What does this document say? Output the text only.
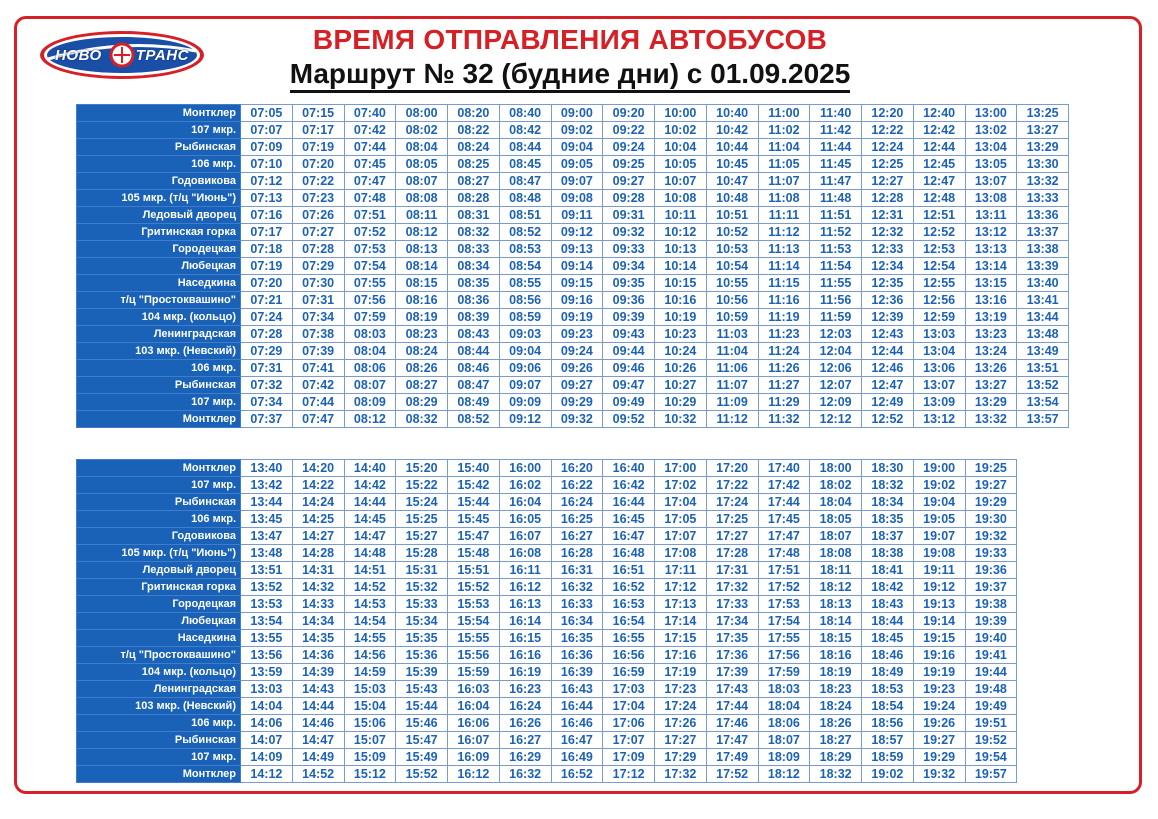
НОВО ТРАНС	ВРЕМЯ ОТПРАВЛЕНИЯ АВТОБУСОВ
Маршрут № 32 (будние дни) с 01.09.2025
Монтклер	07:05	07:15	07:40	08:00	08:20	08:40	09:00	09:20	10:00	10:40	11:00	11:40	12:20	12:40	13:00	13:25
107 мкр.	07:07	07:17	07:42	08:02	08:22	08:42	09:02	09:22	10:02	10:42	11:02	11:42	12:22	12:42	13:02	13:27
Рыбинская	07:09	07:19	07:44	08:04	08:24	08:44	09:04	09:24	10:04	10:44	11:04	11:44	12:24	12:44	13:04	13:29
106 мкр.	07:10	07:20	07:45	08:05	08:25	08:45	09:05	09:25	10:05	10:45	11:05	11:45	12:25	12:45	13:05	13:30
Годовикова	07:12	07:22	07:47	08:07	08:27	08:47	09:07	09:27	10:07	10:47	11:07	11:47	12:27	12:47	13:07	13:32
105 мкр. (т/ц "Июнь")	07:13	07:23	07:48	08:08	08:28	08:48	09:08	09:28	10:08	10:48	11:08	11:48	12:28	12:48	13:08	13:33
Ледовый дворец	07:16	07:26	07:51	08:11	08:31	08:51	09:11	09:31	10:11	10:51	11:11	11:51	12:31	12:51	13:11	13:36
Гритинская горка	07:17	07:27	07:52	08:12	08:32	08:52	09:12	09:32	10:12	10:52	11:12	11:52	12:32	12:52	13:12	13:37
Городецкая	07:18	07:28	07:53	08:13	08:33	08:53	09:13	09:33	10:13	10:53	11:13	11:53	12:33	12:53	13:13	13:38
Любецкая	07:19	07:29	07:54	08:14	08:34	08:54	09:14	09:34	10:14	10:54	11:14	11:54	12:34	12:54	13:14	13:39
Наседкина	07:20	07:30	07:55	08:15	08:35	08:55	09:15	09:35	10:15	10:55	11:15	11:55	12:35	12:55	13:15	13:40
т/ц "Простоквашино"	07:21	07:31	07:56	08:16	08:36	08:56	09:16	09:36	10:16	10:56	11:16	11:56	12:36	12:56	13:16	13:41
104 мкр. (кольцо)	07:24	07:34	07:59	08:19	08:39	08:59	09:19	09:39	10:19	10:59	11:19	11:59	12:39	12:59	13:19	13:44
Ленинградская	07:28	07:38	08:03	08:23	08:43	09:03	09:23	09:43	10:23	11:03	11:23	12:03	12:43	13:03	13:23	13:48
103 мкр. (Невский)	07:29	07:39	08:04	08:24	08:44	09:04	09:24	09:44	10:24	11:04	11:24	12:04	12:44	13:04	13:24	13:49
106 мкр.	07:31	07:41	08:06	08:26	08:46	09:06	09:26	09:46	10:26	11:06	11:26	12:06	12:46	13:06	13:26	13:51
Рыбинская	07:32	07:42	08:07	08:27	08:47	09:07	09:27	09:47	10:27	11:07	11:27	12:07	12:47	13:07	13:27	13:52
107 мкр.	07:34	07:44	08:09	08:29	08:49	09:09	09:29	09:49	10:29	11:09	11:29	12:09	12:49	13:09	13:29	13:54
Монтклер	07:37	07:47	08:12	08:32	08:52	09:12	09:32	09:52	10:32	11:12	11:32	12:12	12:52	13:12	13:32	13:57
Монтклер	13:40	14:20	14:40	15:20	15:40	16:00	16:20	16:40	17:00	17:20	17:40	18:00	18:30	19:00	19:25
107 мкр.	13:42	14:22	14:42	15:22	15:42	16:02	16:22	16:42	17:02	17:22	17:42	18:02	18:32	19:02	19:27
Рыбинская	13:44	14:24	14:44	15:24	15:44	16:04	16:24	16:44	17:04	17:24	17:44	18:04	18:34	19:04	19:29
106 мкр.	13:45	14:25	14:45	15:25	15:45	16:05	16:25	16:45	17:05	17:25	17:45	18:05	18:35	19:05	19:30
Годовикова	13:47	14:27	14:47	15:27	15:47	16:07	16:27	16:47	17:07	17:27	17:47	18:07	18:37	19:07	19:32
105 мкр. (т/ц "Июнь")	13:48	14:28	14:48	15:28	15:48	16:08	16:28	16:48	17:08	17:28	17:48	18:08	18:38	19:08	19:33
Ледовый дворец	13:51	14:31	14:51	15:31	15:51	16:11	16:31	16:51	17:11	17:31	17:51	18:11	18:41	19:11	19:36
Гритинская горка	13:52	14:32	14:52	15:32	15:52	16:12	16:32	16:52	17:12	17:32	17:52	18:12	18:42	19:12	19:37
Городецкая	13:53	14:33	14:53	15:33	15:53	16:13	16:33	16:53	17:13	17:33	17:53	18:13	18:43	19:13	19:38
Любецкая	13:54	14:34	14:54	15:34	15:54	16:14	16:34	16:54	17:14	17:34	17:54	18:14	18:44	19:14	19:39
Наседкина	13:55	14:35	14:55	15:35	15:55	16:15	16:35	16:55	17:15	17:35	17:55	18:15	18:45	19:15	19:40
т/ц "Простоквашино"	13:56	14:36	14:56	15:36	15:56	16:16	16:36	16:56	17:16	17:36	17:56	18:16	18:46	19:16	19:41
104 мкр. (кольцо)	13:59	14:39	14:59	15:39	15:59	16:19	16:39	16:59	17:19	17:39	17:59	18:19	18:49	19:19	19:44
Ленинградская	13:03	14:43	15:03	15:43	16:03	16:23	16:43	17:03	17:23	17:43	18:03	18:23	18:53	19:23	19:48
103 мкр. (Невский)	14:04	14:44	15:04	15:44	16:04	16:24	16:44	17:04	17:24	17:44	18:04	18:24	18:54	19:24	19:49
106 мкр.	14:06	14:46	15:06	15:46	16:06	16:26	16:46	17:06	17:26	17:46	18:06	18:26	18:56	19:26	19:51
Рыбинская	14:07	14:47	15:07	15:47	16:07	16:27	16:47	17:07	17:27	17:47	18:07	18:27	18:57	19:27	19:52
107 мкр.	14:09	14:49	15:09	15:49	16:09	16:29	16:49	17:09	17:29	17:49	18:09	18:29	18:59	19:29	19:54
Монтклер	14:12	14:52	15:12	15:52	16:12	16:32	16:52	17:12	17:32	17:52	18:12	18:32	19:02	19:32	19:57
